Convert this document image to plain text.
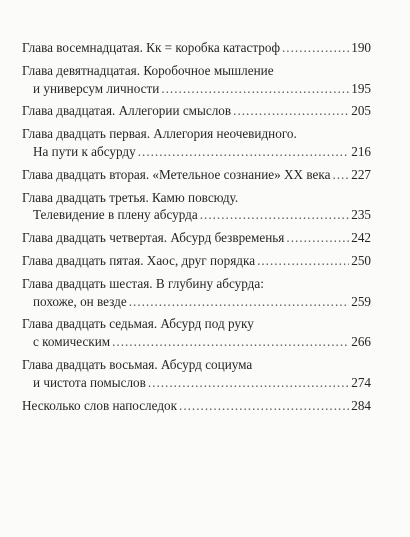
Глава восемнадцатая. Кк = коробка катастроф .....	190
Глава девятнадцатая. Коробочное мышление
и универсум личности .....	195
Глава двадцатая. Аллегории смыслов .....	205
Глава двадцать первая. Аллегория неочевидного.
На пути к абсурду .....	216
Глава двадцать вторая. «Метельное сознание» XX века ..... 227
Глава двадцать третья. Камю повсюду.
Телевидение в плену абсурда .....	235
Глава двадцать четвертая. Абсурд безвременья .....	242
Глава двадцать пятая. Хаос, друг порядка .....	250
Глава двадцать шестая. В глубину абсурда:
похоже, он везде .....	259
Глава двадцать седьмая. Абсурд под руку
с комическим .....	266
Глава двадцать восьмая. Абсурд социума
и чистота помыслов .....	274
Несколько слов напоследок .....	284
